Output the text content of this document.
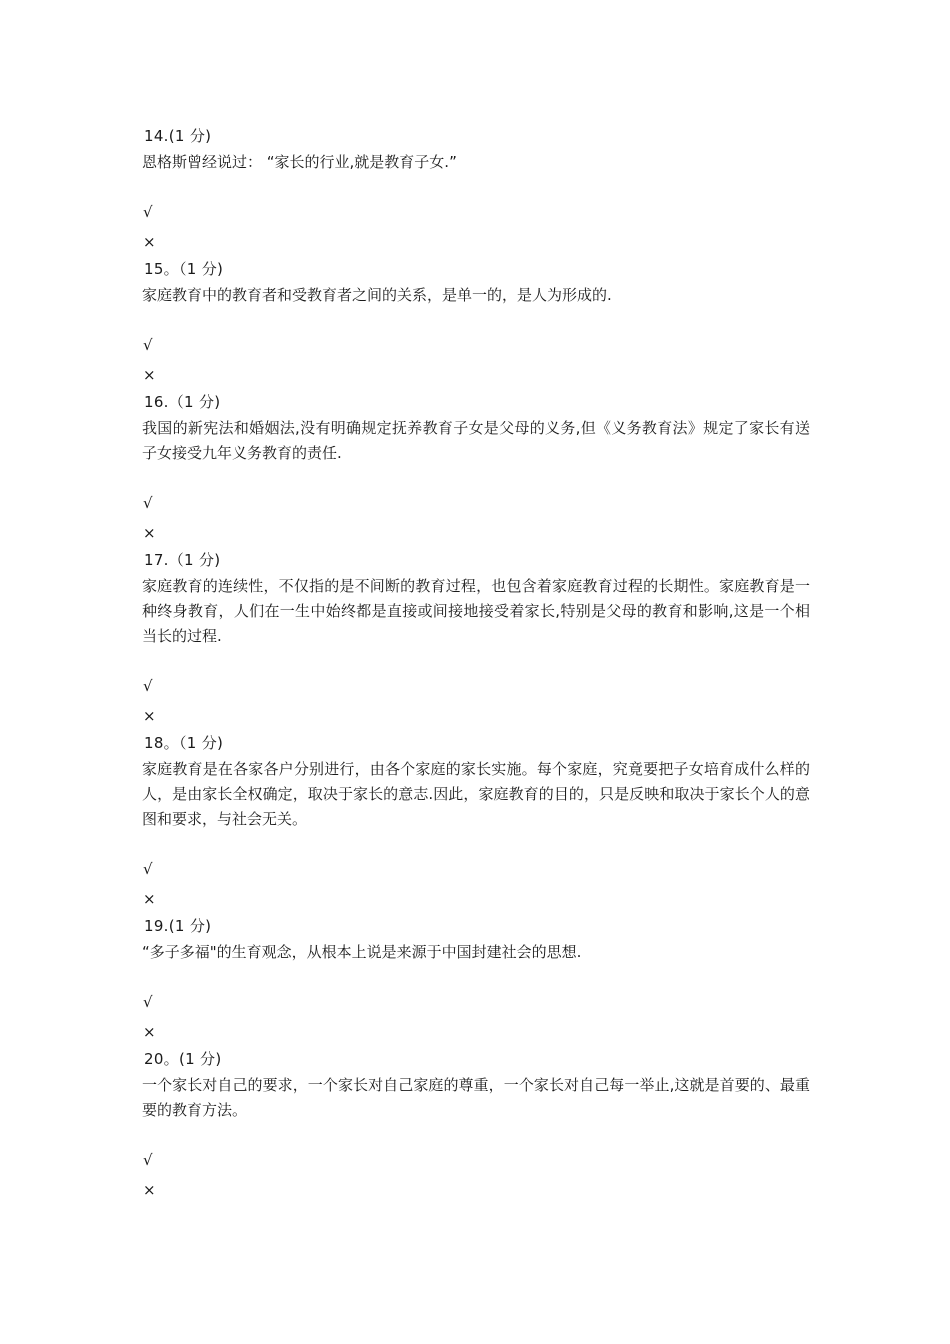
14.(1 分)
恩格斯曾经说过： “家长的行业,就是教育子女.”
√
×
15。（1 分)
家庭教育中的教育者和受教育者之间的关系，是单一的，是人为形成的.
√
×
16.（1 分)
我国的新宪法和婚姻法,没有明确规定抚养教育子女是父母的义务,但《义务教育法》规定了家长有送子女接受九年义务教育的责任.
√
×
17.（1 分)
家庭教育的连续性，不仅指的是不间断的教育过程，也包含着家庭教育过程的长期性。家庭教育是一种终身教育，人们在一生中始终都是直接或间接地接受着家长,特别是父母的教育和影响,这是一个相当长的过程.
√
×
18。（1 分)
家庭教育是在各家各户分别进行，由各个家庭的家长实施。每个家庭，究竟要把子女培育成什么样的人，是由家长全权确定，取决于家长的意志.因此，家庭教育的目的，只是反映和取决于家长个人的意图和要求，与社会无关。
√
×
19.(1 分)
“多子多福"的生育观念，从根本上说是来源于中国封建社会的思想.
√
×
20。(1 分)
一个家长对自己的要求，一个家长对自己家庭的尊重，一个家长对自己每一举止,这就是首要的、最重要的教育方法。
√
×
